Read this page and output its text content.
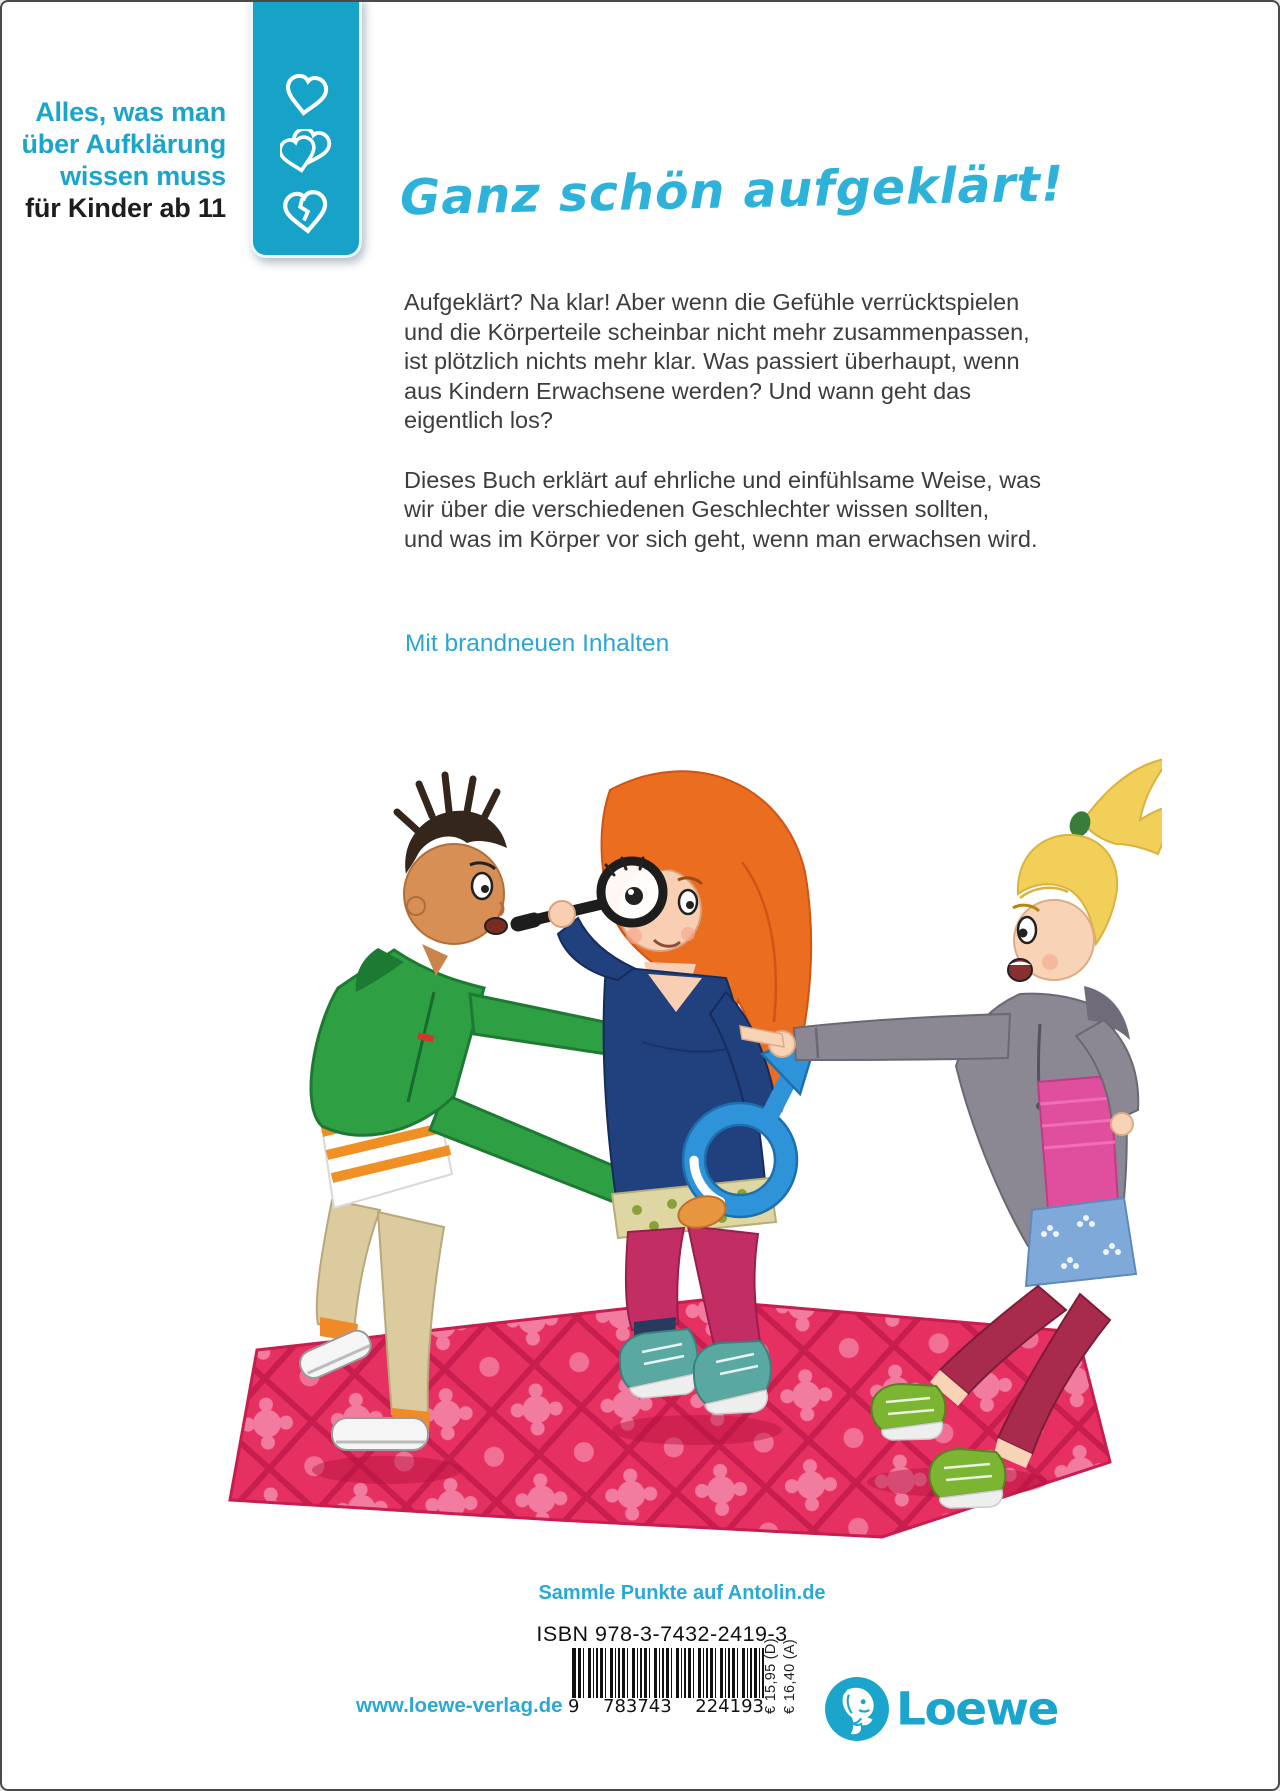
Alles, was man
über Aufklärung
wissen muss
für Kinder ab 11	Ganz schön aufgeklärt!

Aufgeklärt? Na klar! Aber wenn die Gefühle verrücktspielen
und die Körperteile scheinbar nicht mehr zusammenpassen,
ist plötzlich nichts mehr klar. Was passiert überhaupt, wenn
aus Kindern Erwachsene werden? Und wann geht das
eigentlich los?

Dieses Buch erklärt auf ehrliche und einfühlsame Weise, was
wir über die verschiedenen Geschlechter wissen sollten,
und was im Körper vor sich geht, wenn man erwachsen wird.

Mit brandneuen Inhalten
Sammle Punkte auf Antolin.de
ISBN 978-3-7432-2419-3
9 783743 224193 € 15,95 (D) € 16,40 (A)
www.loewe-verlag.de	Loewe
